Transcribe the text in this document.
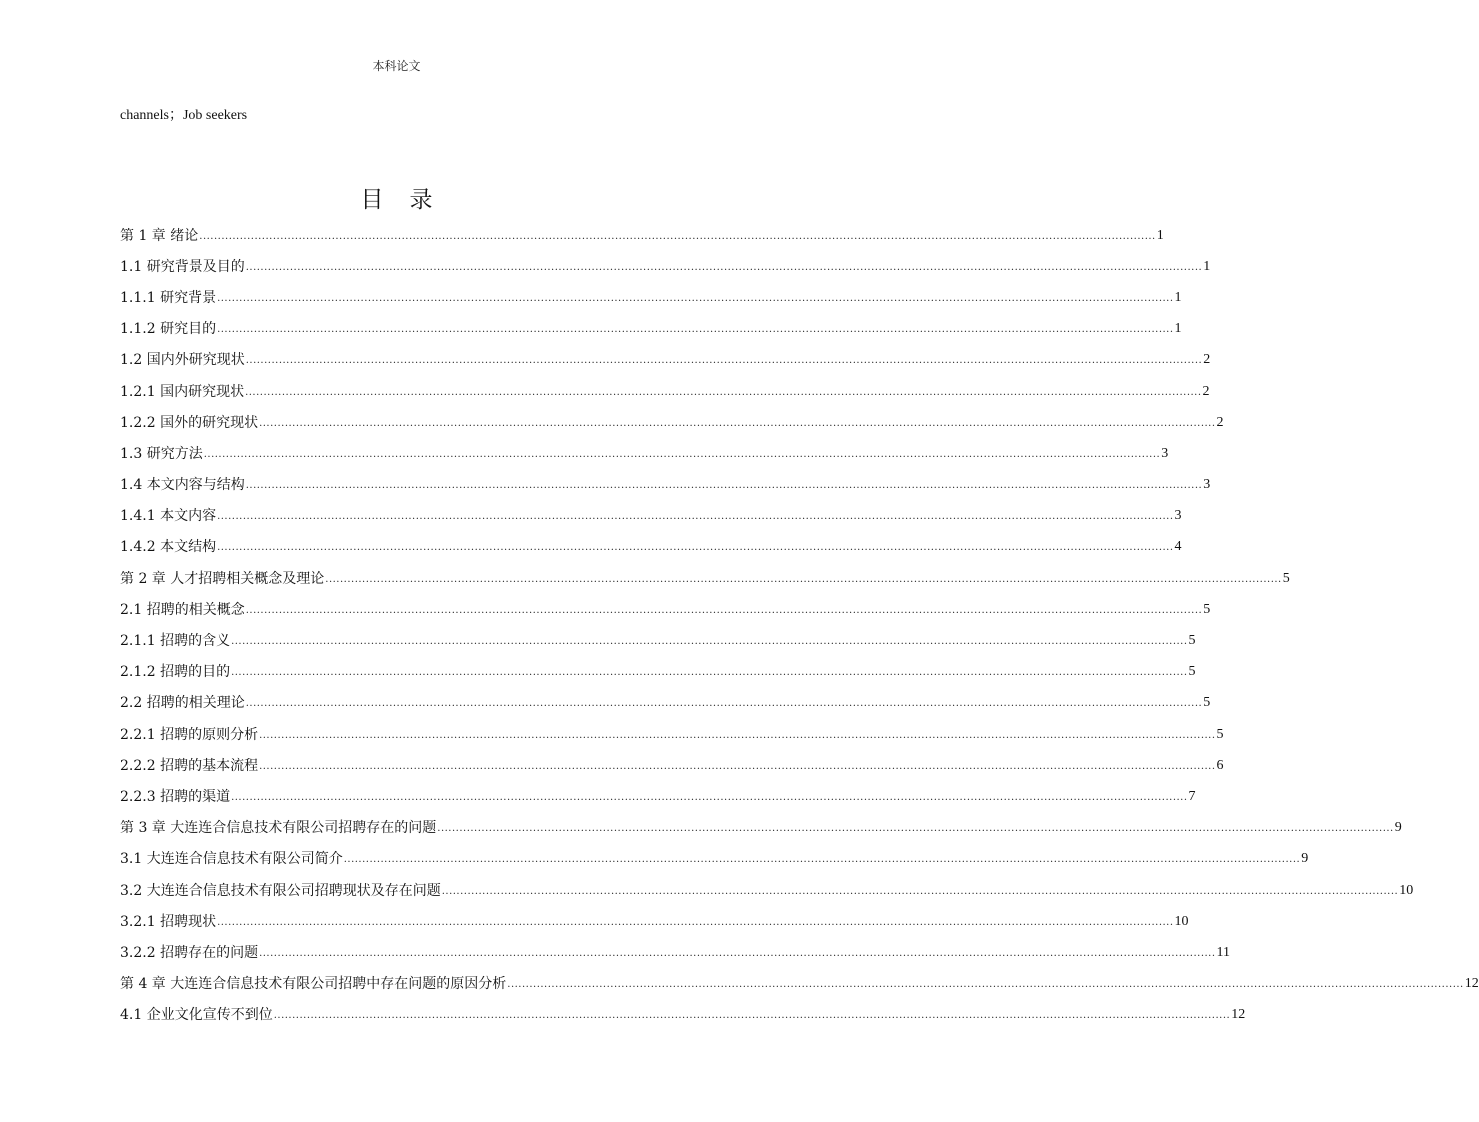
本科论文
channels；Job seekers
目 录
第 1 章 绪论 .................................................................................................................................................................................................................................................................... 1
1.1 研究背景及目的 .................................................................................................................................................................................................................................................................... 1
1.1.1 研究背景 .................................................................................................................................................................................................................................................................... 1
1.1.2 研究目的 .................................................................................................................................................................................................................................................................... 1
1.2 国内外研究现状 .................................................................................................................................................................................................................................................................... 2
1.2.1 国内研究现状 .................................................................................................................................................................................................................................................................... 2
1.2.2 国外的研究现状 .................................................................................................................................................................................................................................................................... 2
1.3 研究方法 .................................................................................................................................................................................................................................................................... 3
1.4 本文内容与结构 .................................................................................................................................................................................................................................................................... 3
1.4.1 本文内容 .................................................................................................................................................................................................................................................................... 3
1.4.2 本文结构 .................................................................................................................................................................................................................................................................... 4
第 2 章 人才招聘相关概念及理论 .................................................................................................................................................................................................................................................................... 5
2.1 招聘的相关概念 .................................................................................................................................................................................................................................................................... 5
2.1.1 招聘的含义 .................................................................................................................................................................................................................................................................... 5
2.1.2 招聘的目的 .................................................................................................................................................................................................................................................................... 5
2.2 招聘的相关理论 .................................................................................................................................................................................................................................................................... 5
2.2.1 招聘的原则分析 .................................................................................................................................................................................................................................................................... 5
2.2.2 招聘的基本流程 .................................................................................................................................................................................................................................................................... 6
2.2.3 招聘的渠道 .................................................................................................................................................................................................................................................................... 7
第 3 章 大连连合信息技术有限公司招聘存在的问题 .................................................................................................................................................................................................................................................................... 9
3.1 大连连合信息技术有限公司简介 .................................................................................................................................................................................................................................................................... 9
3.2 大连连合信息技术有限公司招聘现状及存在问题 .................................................................................................................................................................................................................................................................... 10
3.2.1 招聘现状 .................................................................................................................................................................................................................................................................... 10
3.2.2 招聘存在的问题 .................................................................................................................................................................................................................................................................... 11
第 4 章 大连连合信息技术有限公司招聘中存在问题的原因分析 .................................................................................................................................................................................................................................................................... 12
4.1 企业文化宣传不到位 .................................................................................................................................................................................................................................................................... 12
